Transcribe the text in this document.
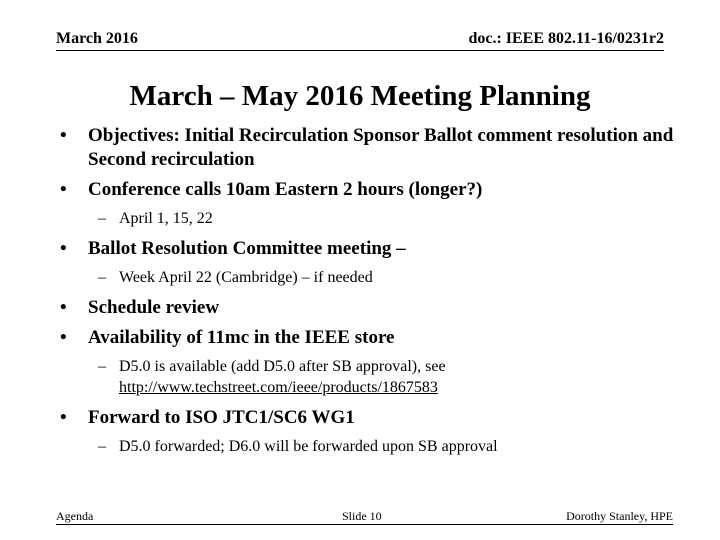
March 2016	doc.: IEEE 802.11-16/0231r2
March – May 2016 Meeting Planning
• Objectives: Initial Recirculation Sponsor Ballot comment resolution and Second recirculation
• Conference calls 10am Eastern 2 hours (longer?)
– April 1, 15, 22
• Ballot Resolution Committee meeting –
– Week April 22 (Cambridge) – if needed
• Schedule review
• Availability of 11mc in the IEEE store
– D5.0 is available (add D5.0 after SB approval), see
http://www.techstreet.com/ieee/products/1867583
• Forward to ISO JTC1/SC6 WG1
– D5.0 forwarded; D6.0 will be forwarded upon SB approval
Agenda	Slide 10	Dorothy Stanley, HPE
